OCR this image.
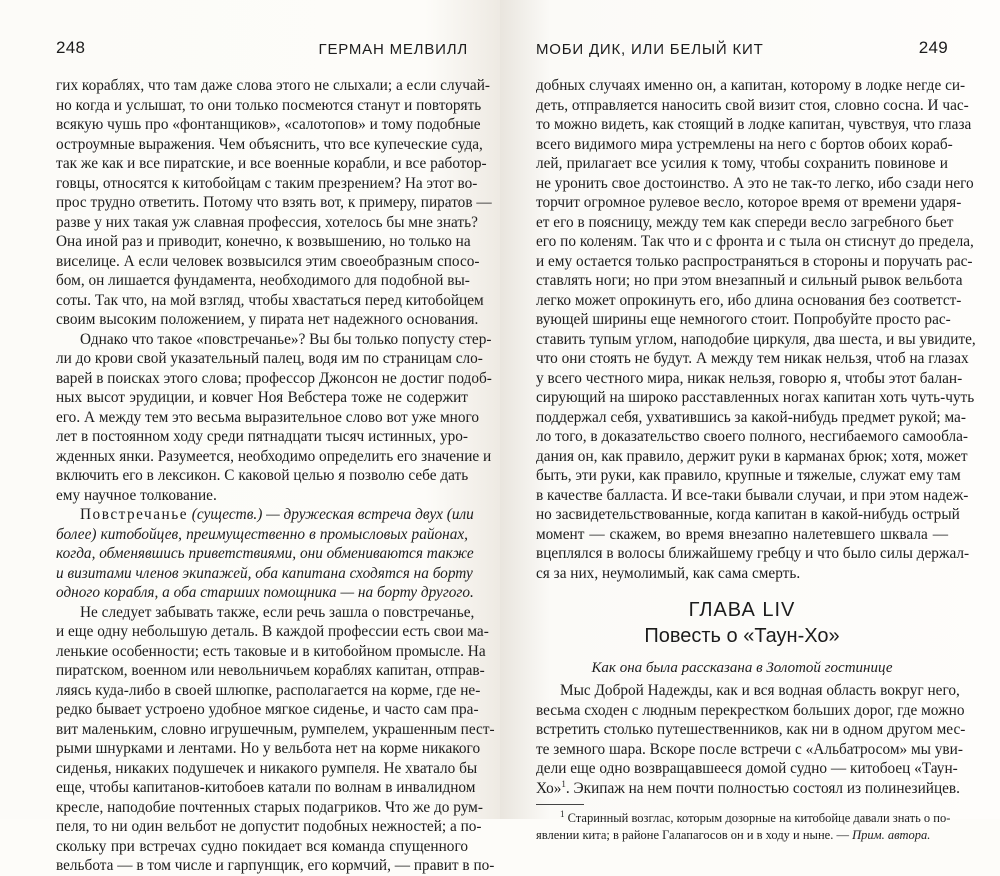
248	ГЕРМАН МЕЛВИЛЛ
гих кораблях, что там даже слова этого не слыхали; а если случай-
но когда и услышат, то они только посмеются станут и повторять
всякую чушь про «фонтанщиков», «салотопов» и тому подобные
остроумные выражения. Чем объяснить, что все купеческие суда,
так же как и все пиратские, и все военные корабли, и все работор-
говцы, относятся к китобойцам с таким презрением? На этот во-
прос трудно ответить. Потому что взять вот, к примеру, пиратов —
разве у них такая уж славная профессия, хотелось бы мне знать?
Она иной раз и приводит, конечно, к возвышению, но только на
виселице. А если человек возвысился этим своеобразным спосо-
бом, он лишается фундамента, необходимого для подобной вы-
соты. Так что, на мой взгляд, чтобы хвастаться перед китобойцем
своим высоким положением, у пирата нет надежного основания.
Однако что такое «повстречанье»? Вы бы только попусту стер-
ли до крови свой указательный палец, водя им по страницам сло-
варей в поисках этого слова; профессор Джонсон не достиг подоб-
ных высот эрудиции, и ковчег Ноя Вебстера тоже не содержит
его. А между тем это весьма выразительное слово вот уже много
лет в постоянном ходу среди пятнадцати тысяч истинных, уро-
жденных янки. Разумеется, необходимо определить его значение и
включить его в лексикон. С каковой целью я позволю себе дать
ему научное толкование.
Повстречанье (существ.) — дружеская встреча двух (или
более) китобойцев, преимущественно в промысловых районах,
когда, обменявшись приветствиями, они обмениваются также
и визитами членов экипажей, оба капитана сходятся на борту
одного корабля, а оба старших помощника — на борту другого.
Не следует забывать также, если речь зашла о повстречанье,
и еще одну небольшую деталь. В каждой профессии есть свои ма-
ленькие особенности; есть таковые и в китобойном промысле. На
пиратском, военном или невольничьем кораблях капитан, отправ-
ляясь куда-либо в своей шлюпке, располагается на корме, где не-
редко бывает устроено удобное мягкое сиденье, и часто сам пра-
вит маленьким, словно игрушечным, румпелем, украшенным пест-
рыми шнурками и лентами. Но у вельбота нет на корме никакого
сиденья, никаких подушечек и никакого румпеля. Не хватало бы
еще, чтобы капитанов-китобоев катали по волнам в инвалидном
кресле, наподобие почтенных старых подагриков. Что же до рум-
пеля, то ни один вельбот не допустит подобных нежностей; а по-
скольку при встречах судно покидает вся команда спущенного
вельбота — в том числе и гарпунщик, его кормчий, — правит в по-
МОБИ ДИК, ИЛИ БЕЛЫЙ КИТ	249
добных случаях именно он, а капитан, которому в лодке негде си-
деть, отправляется наносить свой визит стоя, словно сосна. И час-
то можно видеть, как стоящий в лодке капитан, чувствуя, что глаза
всего видимого мира устремлены на него с бортов обоих кораб-
лей, прилагает все усилия к тому, чтобы сохранить повинове и
не уронить свое достоинство. А это не так-то легко, ибо сзади него
торчит огромное рулевое весло, которое время от времени ударя-
ет его в поясницу, между тем как спереди весло загребного бьет
его по коленям. Так что и с фронта и с тыла он стиснут до предела,
и ему остается только распространяться в стороны и поручать рас-
ставлять ноги; но при этом внезапный и сильный рывок вельбота
легко может опрокинуть его, ибо длина основания без соответст-
вующей ширины еще немногого стоит. Попробуйте просто рас-
ставить тупым углом, наподобие циркуля, два шеста, и вы увидите,
что они стоять не будут. А между тем никак нельзя, чтоб на глазах
у всего честного мира, никак нельзя, говорю я, чтобы этот балан-
сирующий на широко расставленных ногах капитан хоть чуть-чуть
поддержал себя, ухватившись за какой-нибудь предмет рукой; ма-
ло того, в доказательство своего полного, несгибаемого самообла-
дания он, как правило, держит руки в карманах брюк; хотя, может
быть, эти руки, как правило, крупные и тяжелые, служат ему там
в качестве балласта. И все-таки бывали случаи, и при этом надеж-
но засвидетельствованные, когда капитан в какой-нибудь острый
момент — скажем, во время внезапно налетевшего шквала —
вцеплялся в волосы ближайшему гребцу и что было силы держал-
ся за них, неумолимый, как сама смерть.
ГЛАВА LIV
Повесть о «Таун-Хо»
Как она была рассказана в Золотой гостинице
Мыс Доброй Надежды, как и вся водная область вокруг него,
весьма сходен с людным перекрестком больших дорог, где можно
встретить столько путешественников, как ни в одном другом мес-
те земного шара. Вскоре после встречи с «Альбатросом» мы уви-
дели еще одно возвращавшееся домой судно — китобоец «Таун-
Хо»$^1$. Экипаж на нем почти полностью состоял из полинезийцев.
$^1$ Старинный возглас, которым дозорные на китобойце давали знать о по-
явлении кита; в районе Галапагосов он и в ходу и ныне. — Прим. автора.
